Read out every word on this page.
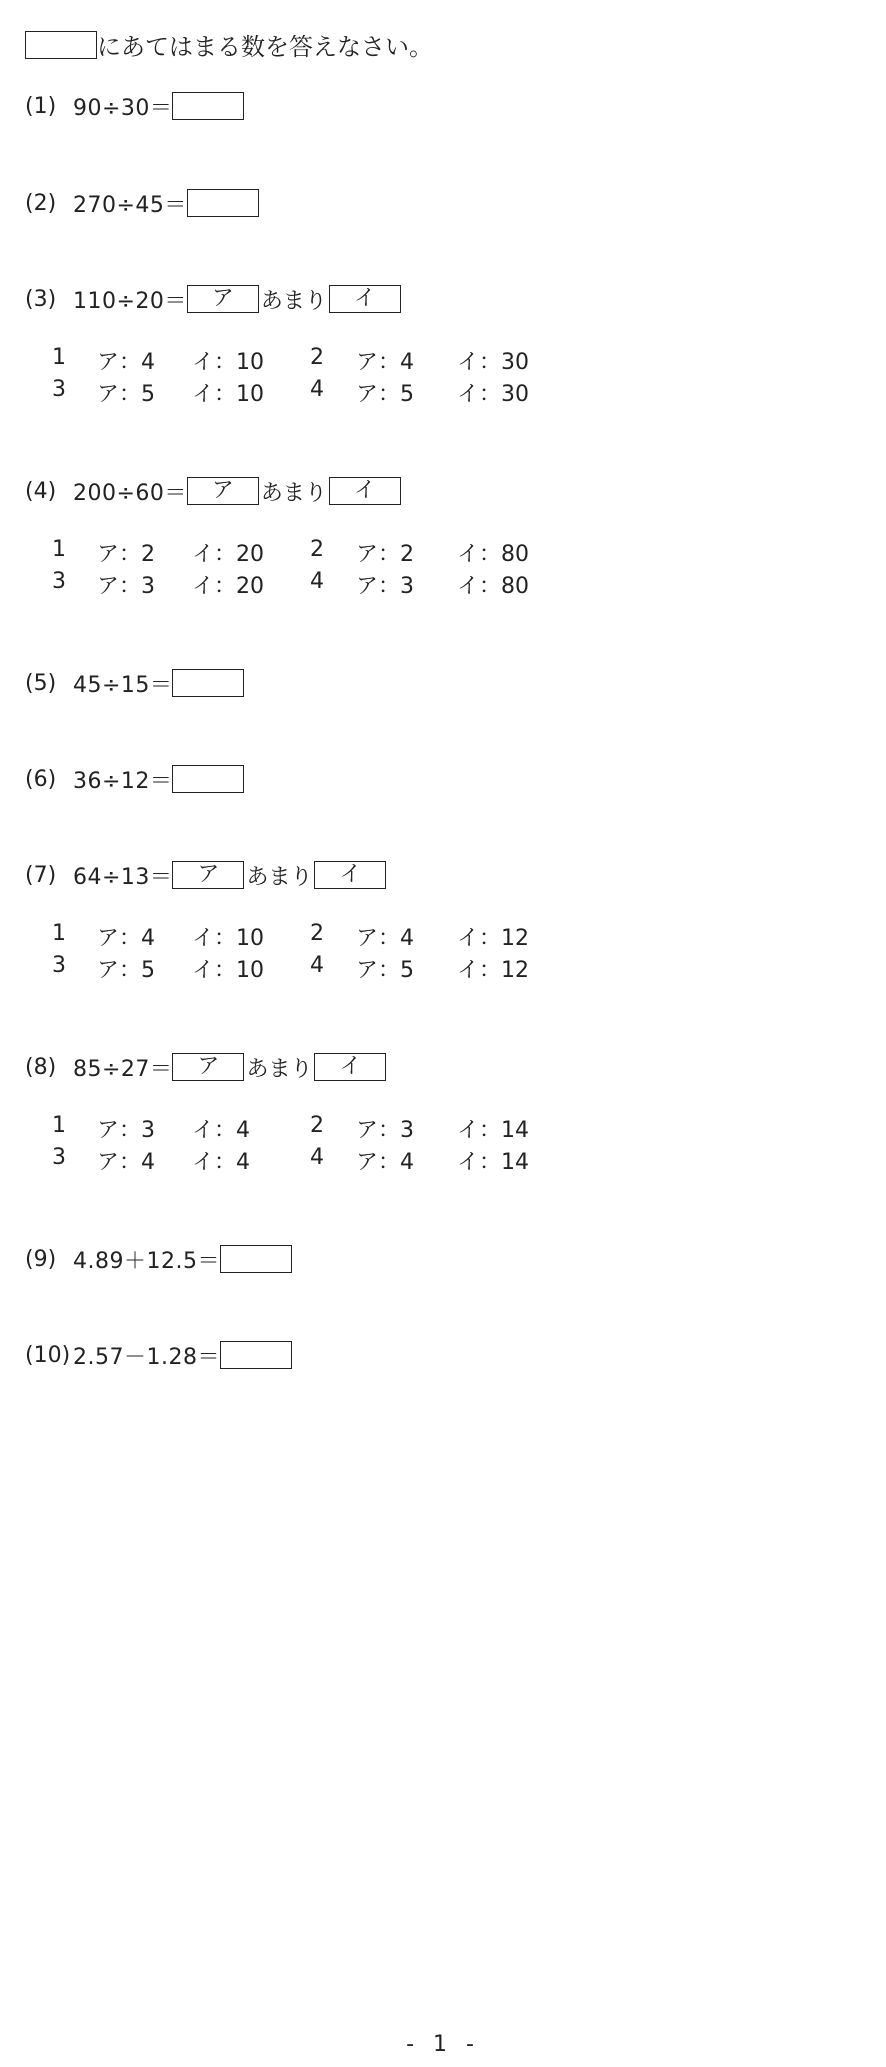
にあてはまる数を答えなさい。
(1) 90÷30＝
(2) 270÷45＝
(3) 110÷20＝	ア	あまり	イ
1 ア：4 イ：10 2 ア：4 イ：30
3 ア：5 イ：10 4 ア：5 イ：30
(4) 200÷60＝	ア	あまり	イ
1 ア：2 イ：20 2 ア：2 イ：80
3 ア：3 イ：20 4 ア：3 イ：80
(5) 45÷15＝
(6) 36÷12＝
(7) 64÷13＝	ア	あまり	イ
1 ア：4 イ：10 2 ア：4 イ：12
3 ア：5 イ：10 4 ア：5 イ：12
(8) 85÷27＝	ア	あまり	イ
1 ア：3 イ：4	2 ア：3 イ：14
3 ア：4 イ：4	4 ア：4 イ：14
(9) 4.89＋12.5＝
(10) 2.57－1.28＝
- 1 -
